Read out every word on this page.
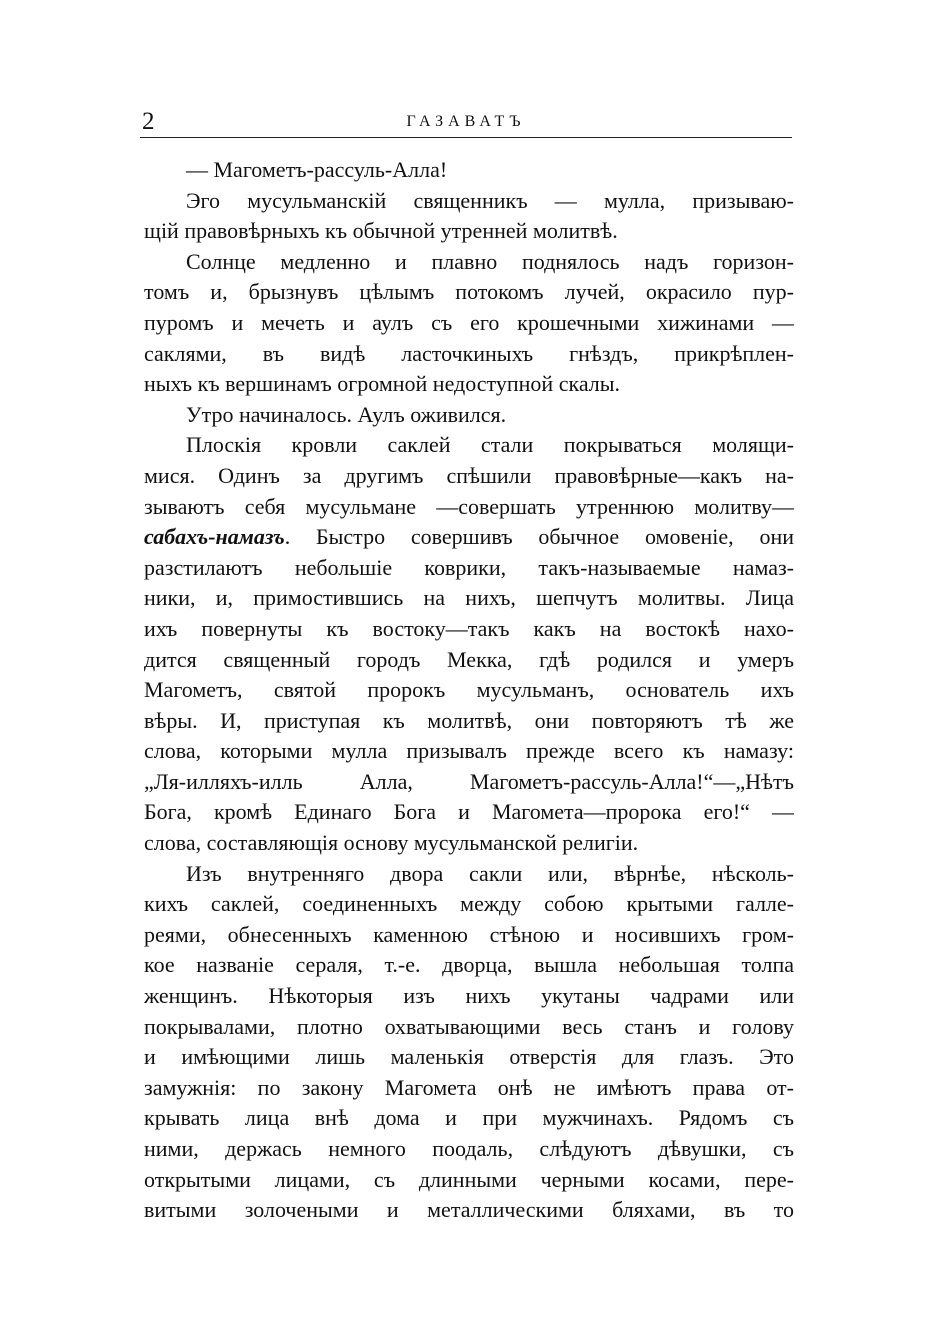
2	ГАЗАВАТЪ
— Магометъ-рассуль-Алла!
Эго мусульманскій священникъ — мулла, призываю-
щій правовѣрныхъ къ обычной утренней молитвѣ.
Солнце медленно и плавно поднялось надъ горизон-
томъ и, брызнувъ цѣлымъ потокомъ лучей, окрасило пур-
пуромъ и мечеть и аулъ съ его крошечными хижинами —
саклями, въ видѣ ласточкиныхъ гнѣздъ, прикрѣплен-
ныхъ къ вершинамъ огромной недоступной скалы.
Утро начиналось. Аулъ оживился.
Плоскія кровли саклей стали покрываться молящи-
мися. Одинъ за другимъ спѣшили правовѣрные—какъ на-
зываютъ себя мусульмане —совершать утреннюю молитву—
сабахъ-намазъ. Быстро совершивъ обычное омовеніе, они
разстилаютъ небольшіе коврики, такъ-называемые намаз-
ники, и, примостившись на нихъ, шепчутъ молитвы. Лица
ихъ повернуты къ востоку—такъ какъ на востокѣ нахо-
дится священный городъ Мекка, гдѣ родился и умеръ
Магометъ, святой пророкъ мусульманъ, основатель ихъ
вѣры. И, приступая къ молитвѣ, они повторяютъ тѣ же
слова, которыми мулла призывалъ прежде всего къ намазу:
„Ля-илляхъ-илль Алла, Магометъ-рассуль-Алла!“—„Нѣтъ
Бога, кромѣ Единаго Бога и Магомета—пророка его!“ —
слова, составляющія основу мусульманской религіи.
Изъ внутренняго двора сакли или, вѣрнѣе, нѣсколь-
кихъ саклей, соединенныхъ между собою крытыми галле-
реями, обнесенныхъ каменною стѣною и носившихъ гром-
кое названіе сераля, т.-е. дворца, вышла небольшая толпа
женщинъ. Нѣкоторыя изъ нихъ укутаны чадрами или
покрывалами, плотно охватывающими весь станъ и голову
и имѣющими лишь маленькія отверстія для глазъ. Это
замужнія: по закону Магомета онѣ не имѣютъ права от-
крывать лица внѣ дома и при мужчинахъ. Рядомъ съ
ними, держась немного поодаль, слѣдуютъ дѣвушки, съ
открытыми лицами, съ длинными черными косами, пере-
витыми золочеными и металлическими бляхами, въ то
